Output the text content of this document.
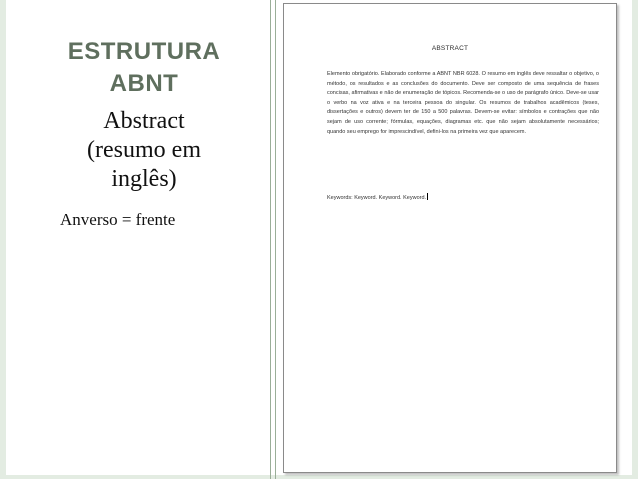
ESTRUTURA
ABNT
Abstract
(resumo em
inglês)
Anverso = frente
ABSTRACT
Elemento obrigatório. Elaborado conforme a ABNT NBR 6028. O resumo em inglês deve ressaltar o objetivo, o método, os resultados e as conclusões do documento. Deve ser composto de uma sequência de frases concisas, afirmativas e não de enumeração de tópicos. Recomenda-se o uso de parágrafo único. Deve-se usar o verbo na voz ativa e na terceira pessoa do singular. Os resumos de trabalhos acadêmicos (teses, dissertações e outros) devem ter de 150 a 500 palavras. Devem-se evitar: símbolos e contrações que não sejam de uso corrente; fórmulas, equações, diagramas etc. que não sejam absolutamente necessários; quando seu emprego for imprescindível, defini-los na primeira vez que aparecem.
Keywords: Keyword. Keyword. Keyword.
